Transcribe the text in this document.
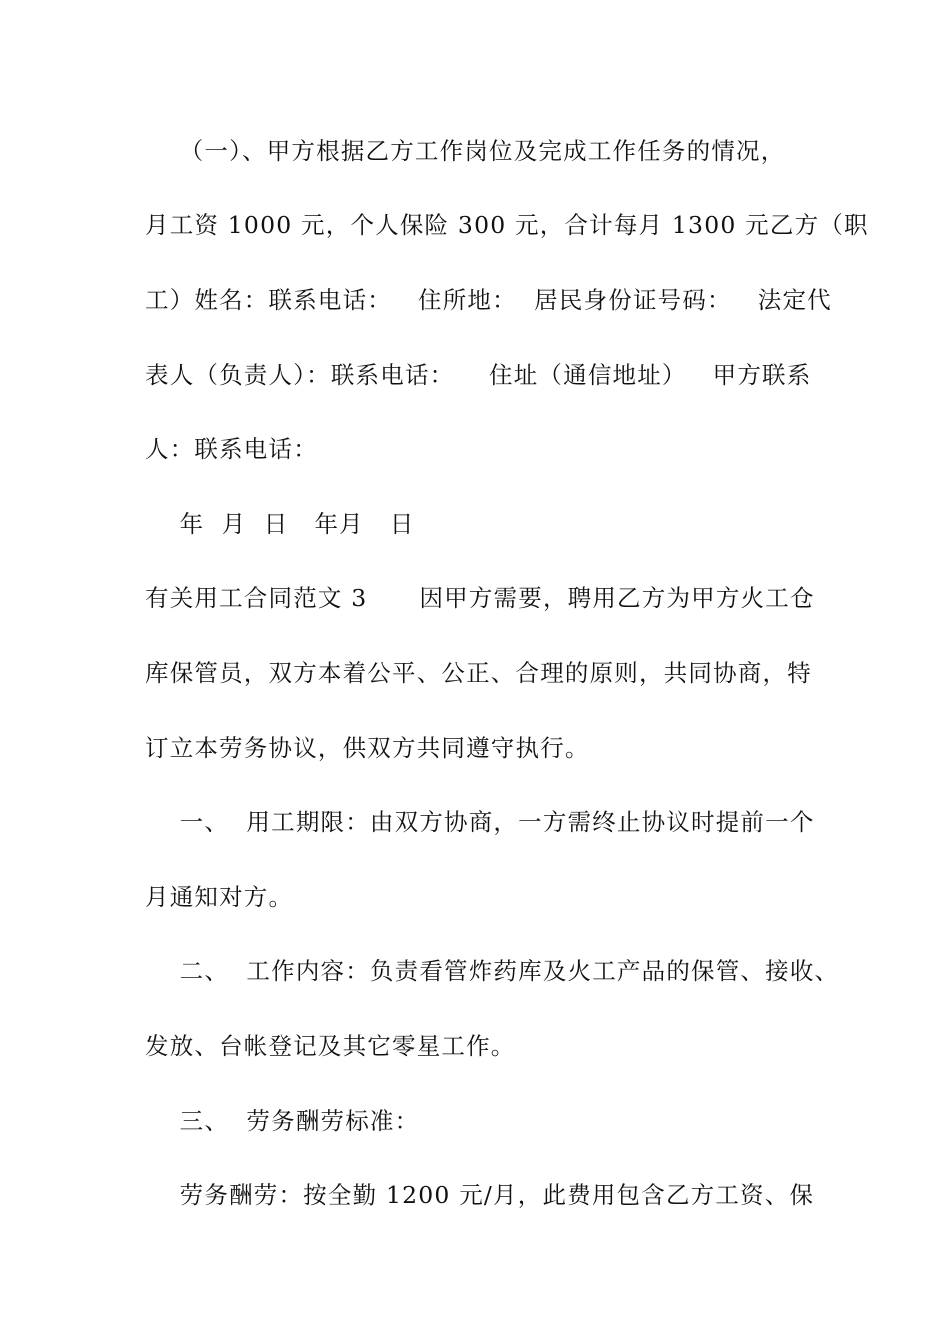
（一）、甲方根据乙方工作岗位及完成工作任务的情况，
月工资 1000 元，个人保险 300 元，合计每月 1300 元乙方（职
工）姓名：联系电话：   住所地：  居民身份证号码：   法定代
表人（负责人）：联系电话：    住址（通信地址）   甲方联系
人：联系电话：
年  月  日   年月   日
有关用工合同范文 3      因甲方需要，聘用乙方为甲方火工仓
库保管员，双方本着公平、公正、合理的原则，共同协商，特
订立本劳务协议，供双方共同遵守执行。
一、  用工期限：由双方协商，一方需终止协议时提前一个
月通知对方。
二、  工作内容：负责看管炸药库及火工产品的保管、接收、
发放、台帐登记及其它零星工作。
三、  劳务酬劳标准：
劳务酬劳：按全勤 1200 元/月，此费用包含乙方工资、保
